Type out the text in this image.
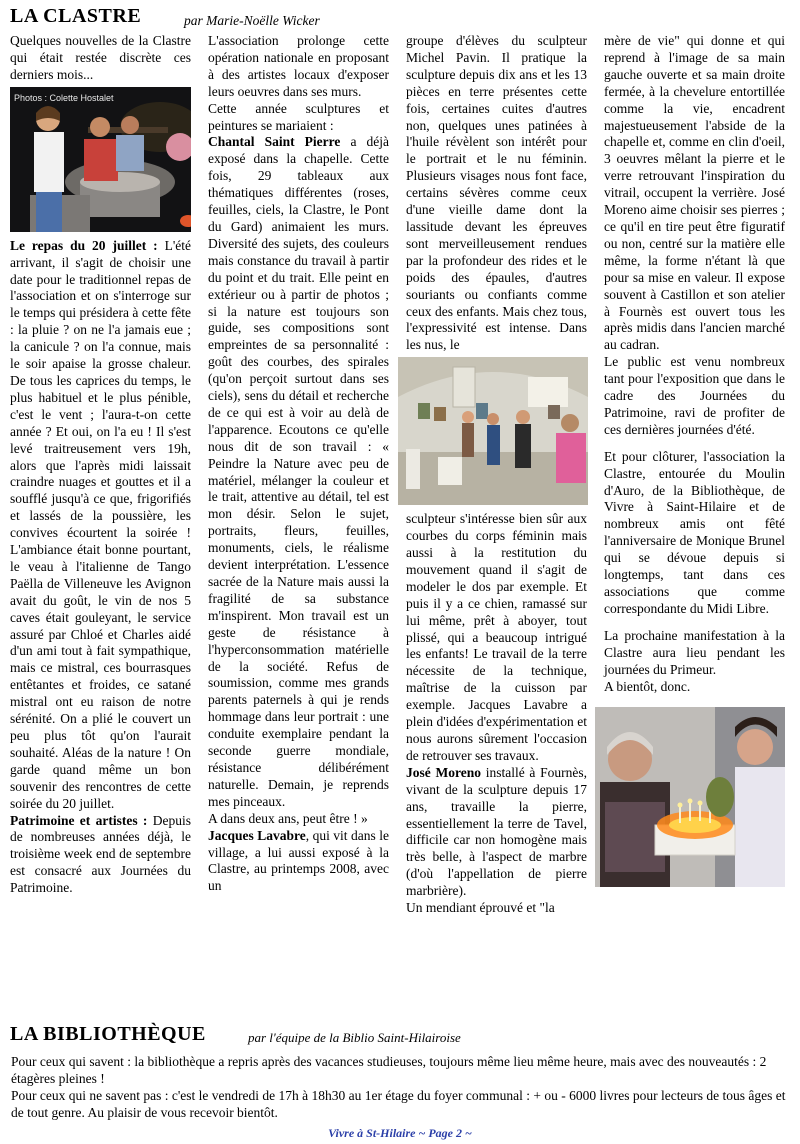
LA CLASTRE	par Marie-Noëlle Wicker

Quelques nouvelles de la Clastre qui était restée discrète ces derniers mois...

Photos : Colette Hostalet

Le repas du 20 juillet : L'été arrivant, il s'agit de choisir une date pour le traditionnel repas de l'association et on s'interroge sur le temps qui présidera à cette fête : la pluie ? on ne l'a jamais eue ; la canicule ? on l'a connue, mais le soir apaise la grosse chaleur. De tous les caprices du temps, le plus habituel et le plus pénible, c'est le vent ; l'aura-t-on cette année ? Et oui, on l'a eu ! Il s'est levé traitreusement vers 19h, alors que l'après midi laissait craindre nuages et gouttes et il a soufflé jusqu'à ce que, frigorifiés et lassés de la poussière, les convives écourtent la soirée ! L'ambiance était bonne pourtant, le veau à l'italienne de Tango Paëlla de Villeneuve les Avignon avait du goût, le vin de nos 5 caves était gouleyant, le service assuré par Chloé et Charles aidé d'un ami tout à fait sympathique, mais ce mistral, ces bourrasques entêtantes et froides, ce satané mistral ont eu raison de notre sérénité. On a plié le couvert un peu plus tôt qu'on l'aurait souhaité. Aléas de la nature ! On garde quand même un bon souvenir des rencontres de cette soirée du 20 juillet.

Patrimoine et artistes : Depuis de nombreuses années déjà, le troisième week end de septembre est consacré aux Journées du Patrimoine.

L'association prolonge cette opération nationale en proposant à des artistes locaux d'exposer leurs oeuvres dans ses murs.

Cette année sculptures et peintures se mariaient :

Chantal Saint Pierre a déjà exposé dans la chapelle. Cette fois, 29 tableaux aux thématiques différentes (roses, feuilles, ciels, la Clastre, le Pont du Gard) animaient les murs. Diversité des sujets, des couleurs mais constance du travail à partir du point et du trait. Elle peint en extérieur ou à partir de photos ; si la nature est toujours son guide, ses compositions sont empreintes de sa personnalité : goût des courbes, des spirales (qu'on perçoit surtout dans ses ciels), sens du détail et recherche de ce qui est à voir au delà de l'apparence. Ecoutons ce qu'elle nous dit de son travail : « Peindre la Nature avec peu de matériel, mélanger la couleur et le trait, attentive au détail, tel est mon désir. Selon le sujet, portraits, fleurs, feuilles, monuments, ciels, le réalisme devient interprétation. L'essence sacrée de la Nature mais aussi la fragilité de sa substance m'inspirent. Mon travail est un geste de résistance à l'hyperconsommation matérielle de la société. Refus de soumission, comme mes grands parents paternels à qui je rends hommage dans leur portrait : une conduite exemplaire pendant la seconde guerre mondiale, résistance délibérément naturelle. Demain, je reprends mes pinceaux.

A dans deux ans, peut être ! »

Jacques Lavabre, qui vit dans le village, a lui aussi exposé à la Clastre, au printemps 2008, avec un

groupe d'élèves du sculpteur Michel Pavin. Il pratique la sculpture depuis dix ans et les 13 pièces en terre présentes cette fois, certaines cuites d'autres non, quelques unes patinées à l'huile révèlent son intérêt pour le portrait et le nu féminin. Plusieurs visages nous font face, certains sévères comme ceux d'une vieille dame dont la lassitude devant les épreuves sont merveilleusement rendues par la profondeur des rides et le poids des épaules, d'autres souriants ou confiants comme ceux des enfants. Mais chez tous, l'expressivité est intense. Dans les nus, le

sculpteur s'intéresse bien sûr aux courbes du corps féminin mais aussi à la restitution du mouvement quand il s'agit de modeler le dos par exemple. Et puis il y a ce chien, ramassé sur lui même, prêt à aboyer, tout plissé, qui a beaucoup intrigué les enfants! Le travail de la terre nécessite de la technique, maîtrise de la cuisson par exemple. Jacques Lavabre a plein d'idées d'expérimentation et nous aurons sûrement l'occasion de retrouver ses travaux.

José Moreno installé à Fournès, vivant de la sculpture depuis 17 ans, travaille la pierre, essentiellement la terre de Tavel, difficile car non homogène mais très belle, à l'aspect de marbre (d'où l'appellation de pierre marbrière).

Un mendiant éprouvé et "la

mère de vie" qui donne et qui reprend à l'image de sa main gauche ouverte et sa main droite fermée, à la chevelure entortillée comme la vie, encadrent majestueusement l'abside de la chapelle et, comme en clin d'oeil, 3 oeuvres mêlant la pierre et le verre retrouvant l'inspiration du vitrail, occupent la verrière. José Moreno aime choisir ses pierres ; ce qu'il en tire peut être figuratif ou non, centré sur la matière elle même, la forme n'étant là que pour sa mise en valeur. Il expose souvent à Castillon et son atelier à Fournès est ouvert tous les après midis dans l'ancien marché au cadran.

Le public est venu nombreux tant pour l'exposition que dans le cadre des Journées du Patrimoine, ravi de profiter de ces dernières journées d'été.

Et pour clôturer, l'association la Clastre, entourée du Moulin d'Auro, de la Bibliothèque, de Vivre à Saint-Hilaire et de nombreux amis ont fêté l'anniversaire de Monique Brunel qui se dévoue depuis si longtemps, tant dans ces associations que comme correspondante du Midi Libre.

La prochaine manifestation à la Clastre aura lieu pendant les journées du Primeur.

A bientôt, donc.

LA BIBLIOTHÈQUE	par l'équipe de la Biblio Saint-Hilairoise

Pour ceux qui savent : la bibliothèque a repris après des vacances studieuses, toujours même lieu même heure, mais avec des nouveautés : 2 étagères pleines !

Pour ceux qui ne savent pas : c'est le vendredi de 17h à 18h30 au 1er étage du foyer communal : + ou - 6000 livres pour lecteurs de tous âges et de tout genre. Au plaisir de vous recevoir bientôt.

Vivre à St-Hilaire ~ Page 2 ~
